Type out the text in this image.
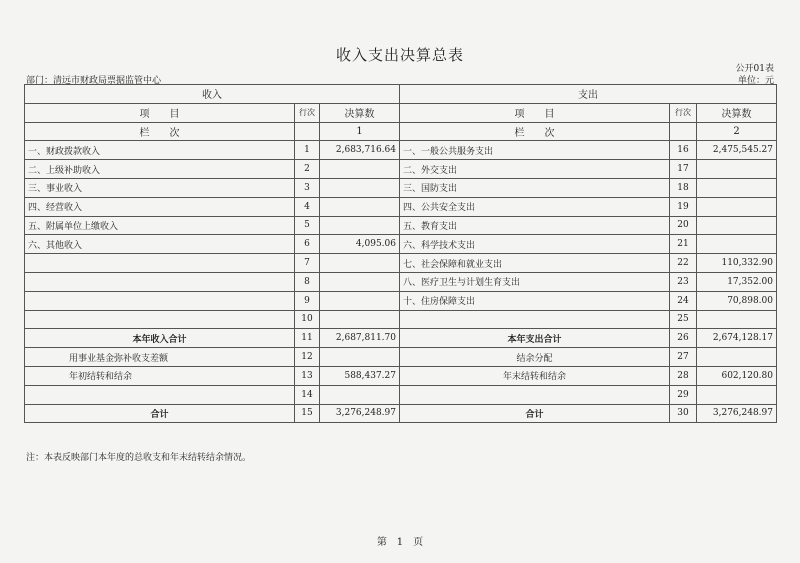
收入支出决算总表
公开01表
部门：清远市财政局票据监管中心	单位：元
收入			支出		
项　　目	行次	决算数	项　　目	行次	决算数
栏　　次		1	栏　　次		2
一、财政拨款收入	1	2,683,716.64	一、一般公共服务支出	16	2,475,545.27
二、上级补助收入	2		二、外交支出	17	
三、事业收入	3		三、国防支出	18	
四、经营收入	4		四、公共安全支出	19	
五、附属单位上缴收入	5		五、教育支出	20	
六、其他收入	6	4,095.06	六、科学技术支出	21	
	7		七、社会保障和就业支出	22	110,332.90
	8		八、医疗卫生与计划生育支出	23	17,352.00
	9		十、住房保障支出	24	70,898.00
	10			25	
本年收入合计	11	2,687,811.70	本年支出合计	26	2,674,128.17
用事业基金弥补收支差额	12		结余分配	27	
年初结转和结余	13	588,437.27	年末结转和结余	28	602,120.80
	14			29	
合计	15	3,276,248.97	合计	30	3,276,248.97
注：本表反映部门本年度的总收支和年末结转结余情况。
第　1　页
